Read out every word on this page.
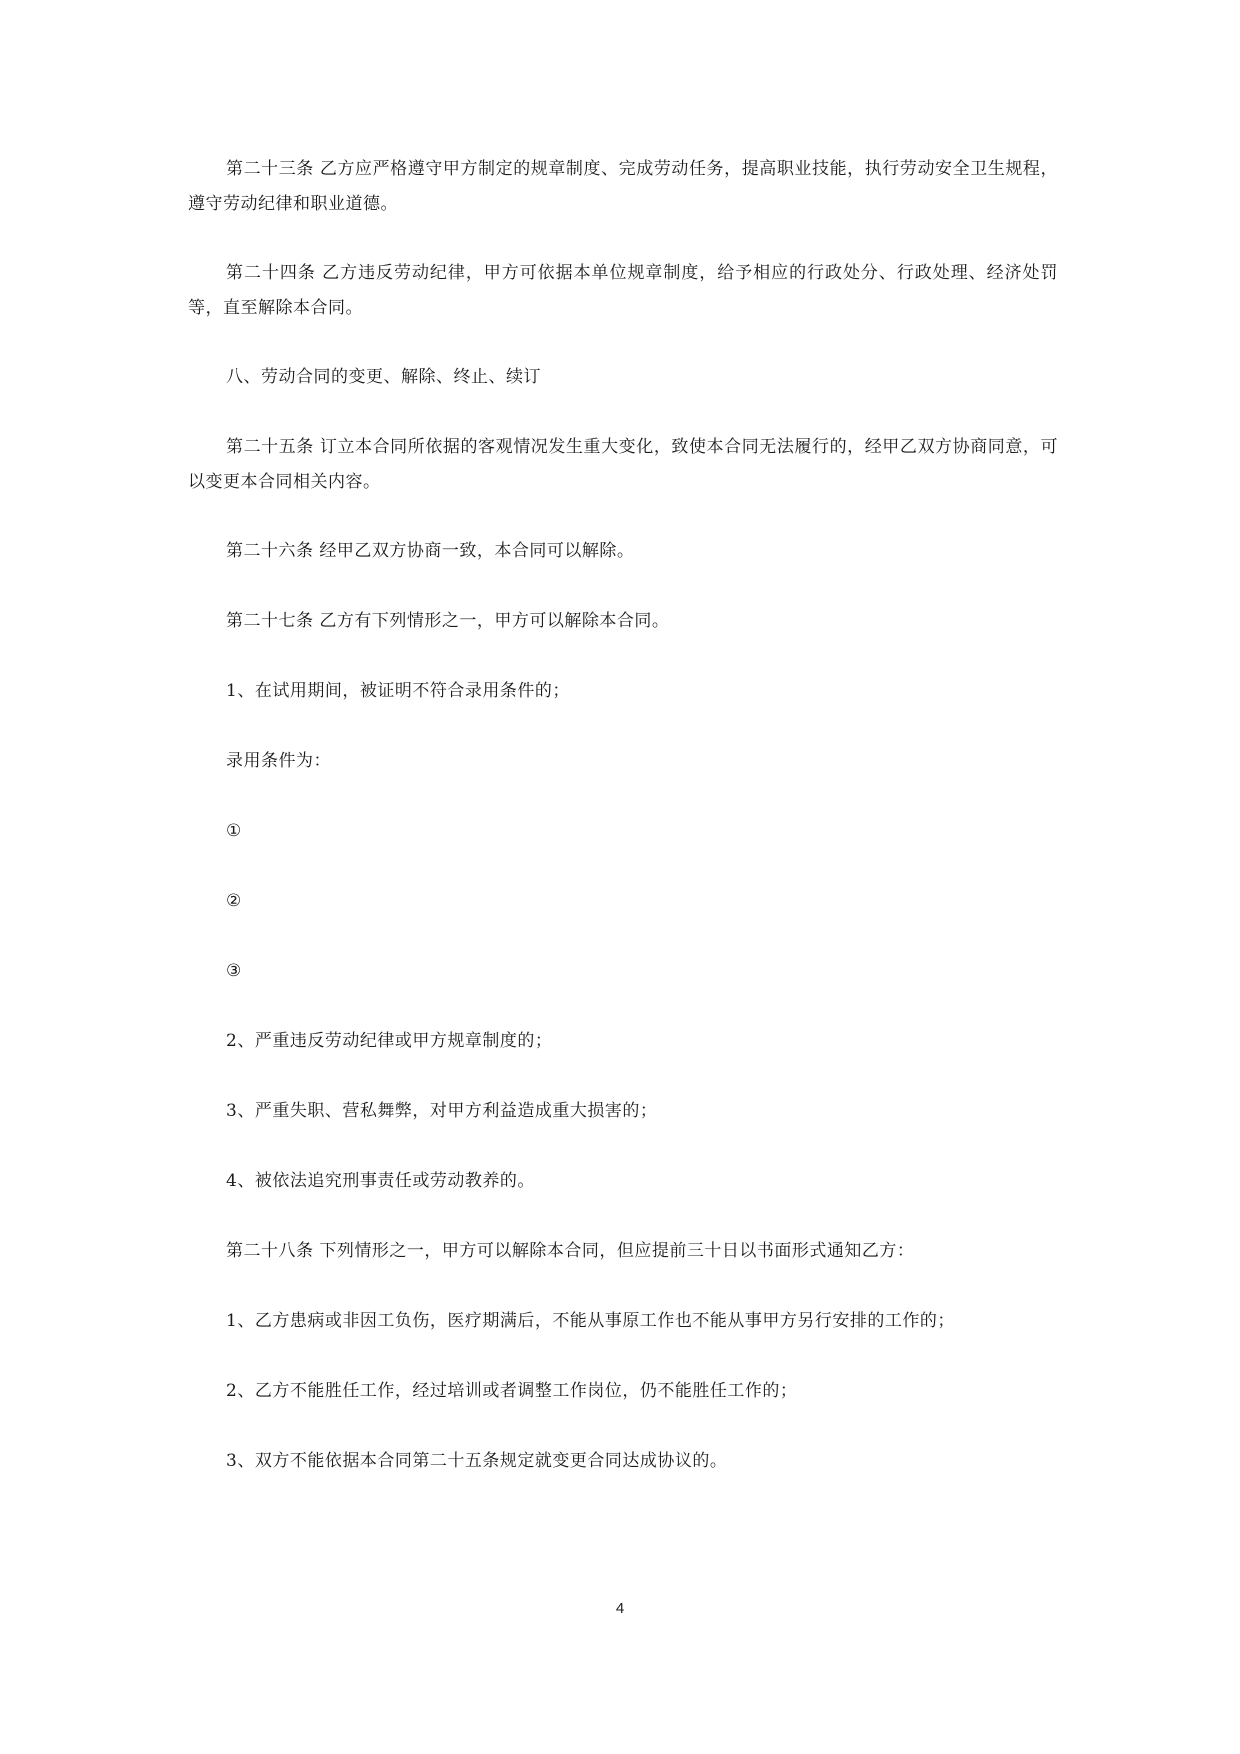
第二十三条 乙方应严格遵守甲方制定的规章制度、完成劳动任务，提高职业技能，执行劳动安全卫生规程，遵守劳动纪律和职业道德。

第二十四条 乙方违反劳动纪律，甲方可依据本单位规章制度，给予相应的行政处分、行政处理、经济处罚等，直至解除本合同。

八、劳动合同的变更、解除、终止、续订

第二十五条 订立本合同所依据的客观情况发生重大变化，致使本合同无法履行的，经甲乙双方协商同意，可以变更本合同相关内容。

第二十六条 经甲乙双方协商一致，本合同可以解除。

第二十七条 乙方有下列情形之一，甲方可以解除本合同。

1、在试用期间，被证明不符合录用条件的；

录用条件为：

①

②

③

2、严重违反劳动纪律或甲方规章制度的；

3、严重失职、营私舞弊，对甲方利益造成重大损害的；

4、被依法追究刑事责任或劳动教养的。

第二十八条 下列情形之一，甲方可以解除本合同，但应提前三十日以书面形式通知乙方：

1、乙方患病或非因工负伤，医疗期满后，不能从事原工作也不能从事甲方另行安排的工作的；

2、乙方不能胜任工作，经过培训或者调整工作岗位，仍不能胜任工作的；

3、双方不能依据本合同第二十五条规定就变更合同达成协议的。

4
